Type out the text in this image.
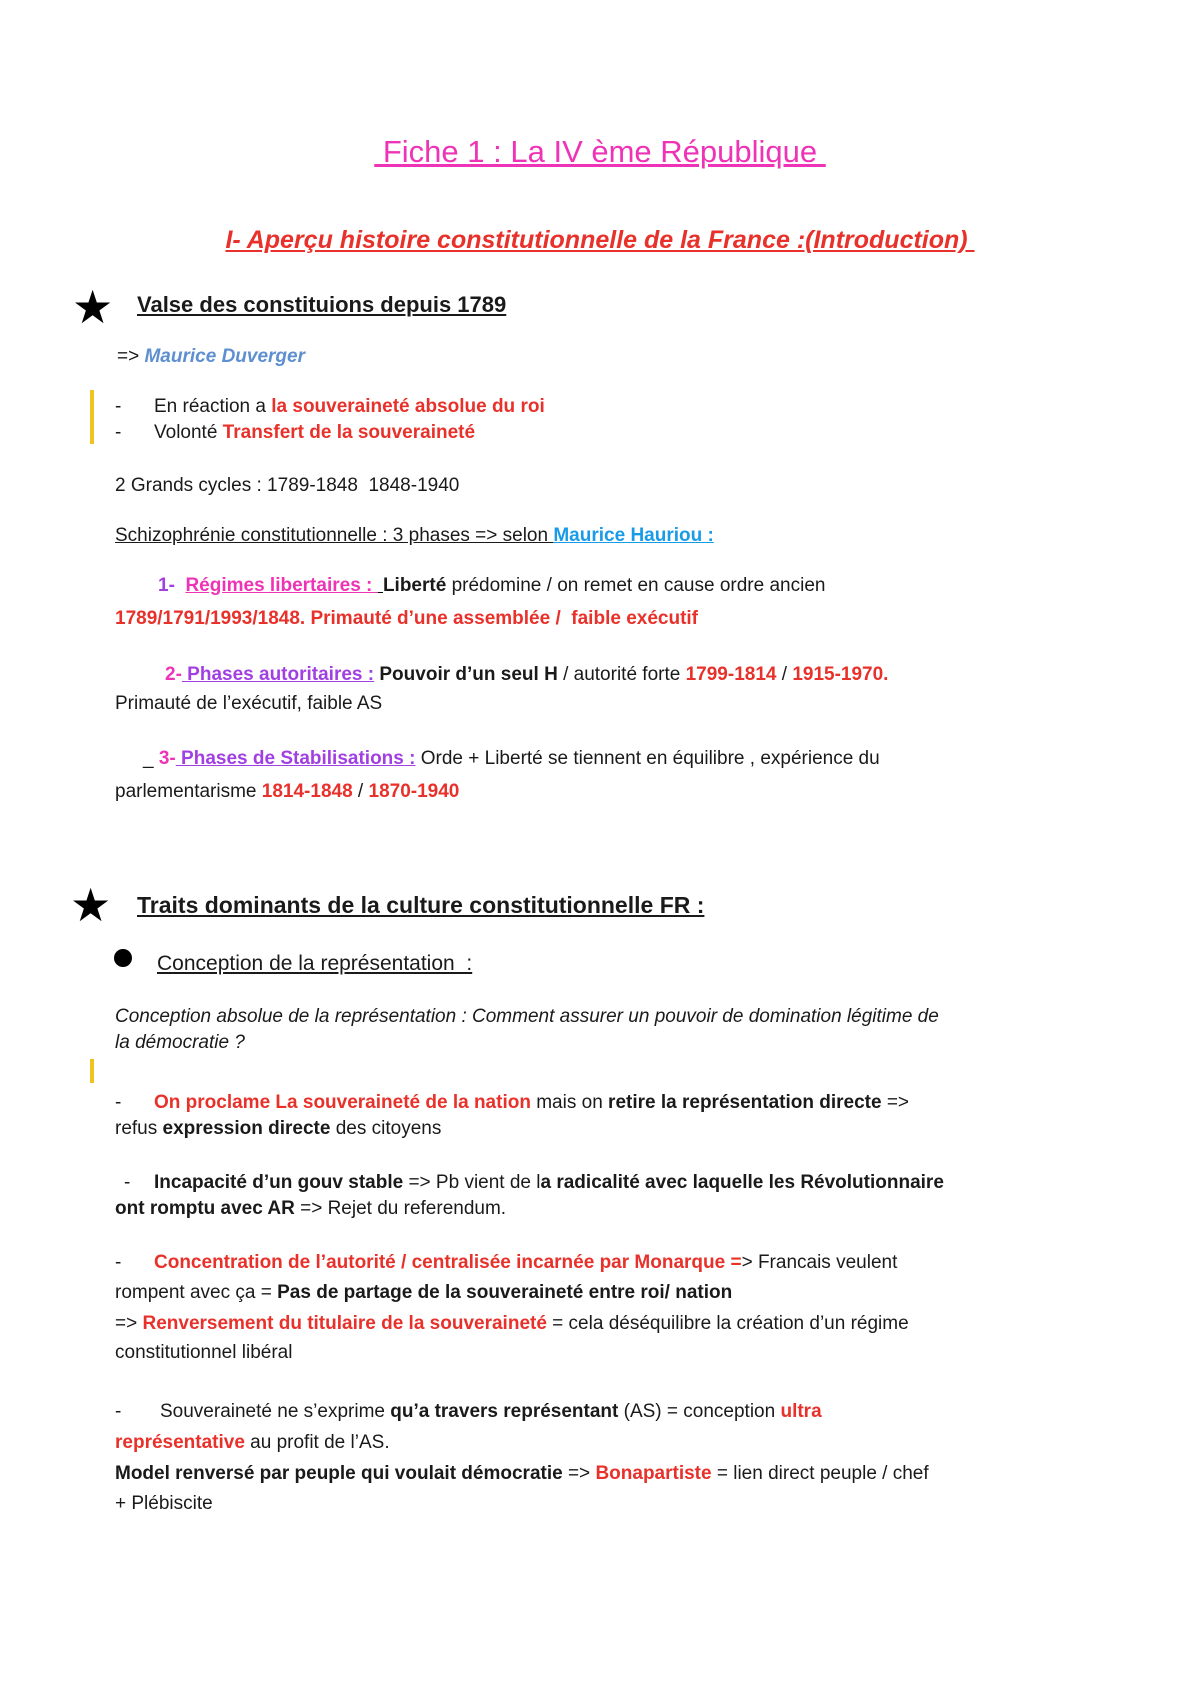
Fiche 1 : La IV ème République
I- Aperçu histoire constitutionnelle de la France :(Introduction)
★ Valse des constituions depuis 1789
=> Maurice Duverger
- En réaction a la souveraineté absolue du roi
- Volonté Transfert de la souveraineté
2 Grands cycles : 1789-1848  1848-1940
Schizophrénie constitutionnelle : 3 phases => selon Maurice Hauriou :
1-  Régimes libertaires :  Liberté prédomine / on remet en cause ordre ancien
1789/1791/1993/1848. Primauté d’une assemblée /  faible exécutif
2- Phases autoritaires : Pouvoir d’un seul H / autorité forte 1799-1814 / 1915-1970.
Primauté de l’exécutif, faible AS
_ 3- Phases de Stabilisations : Orde + Liberté se tiennent en équilibre , expérience du
parlementarisme 1814-1848 / 1870-1940
★ Traits dominants de la culture constitutionnelle FR :
Conception de la représentation  :
Conception absolue de la représentation : Comment assurer un pouvoir de domination légitime de
la démocratie ?
- On proclame La souveraineté de la nation mais on retire la représentation directe =>
refus expression directe des citoyens
- Incapacité d’un gouv stable => Pb vient de la radicalité avec laquelle les Révolutionnaire
ont romptu avec AR => Rejet du referendum.
- Concentration de l’autorité / centralisée incarnée par Monarque => Francais veulent
rompent avec ça = Pas de partage de la souveraineté entre roi/ nation
=> Renversement du titulaire de la souveraineté = cela déséquilibre la création d’un régime
constitutionnel libéral
- Souveraineté ne s’exprime qu’a travers représentant (AS) = conception ultra
représentative au profit de l’AS.
Model renversé par peuple qui voulait démocratie => Bonapartiste = lien direct peuple / chef
+ Plébiscite
